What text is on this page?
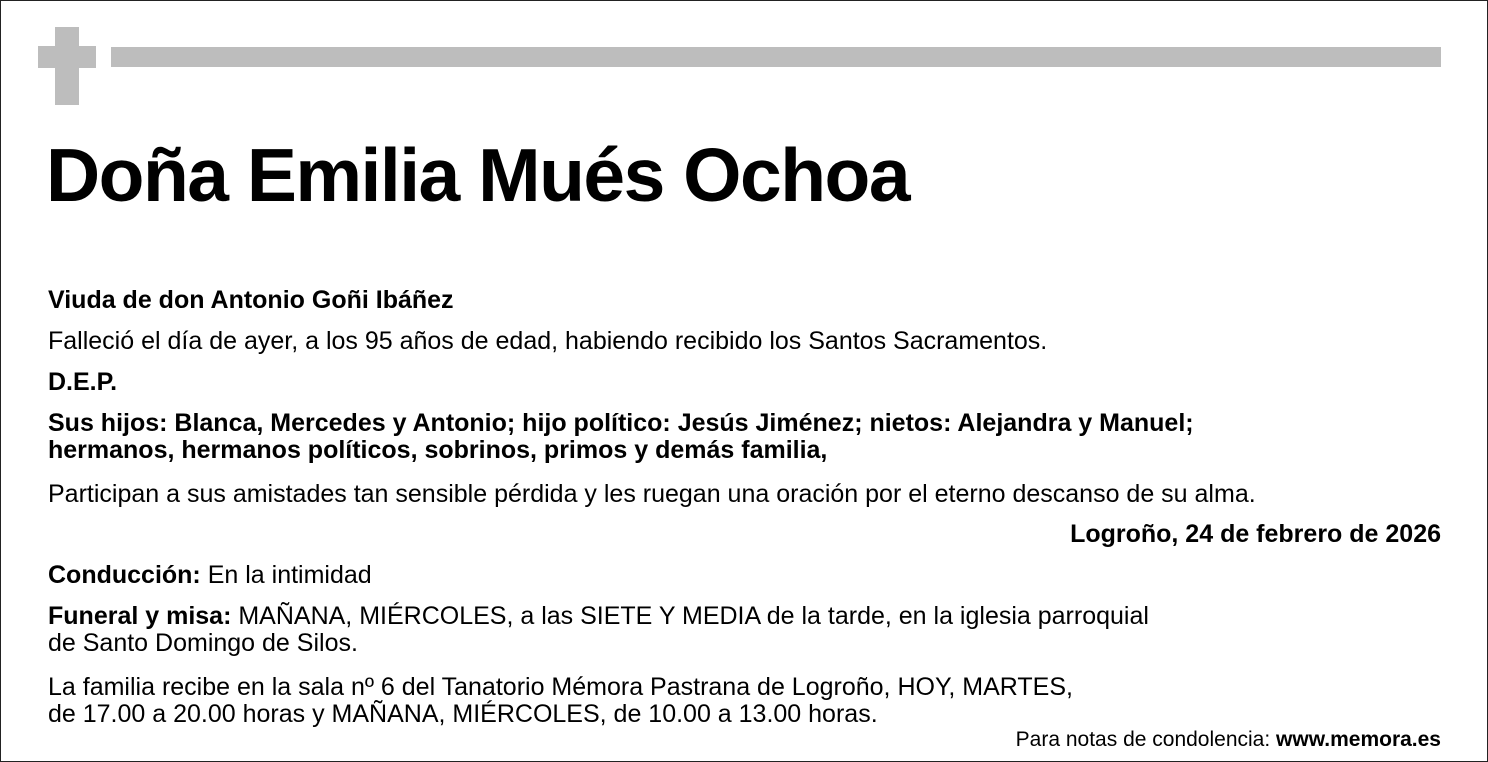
Doña Emilia Mués Ochoa
Viuda de don Antonio Goñi Ibáñez
Falleció el día de ayer, a los 95 años de edad, habiendo recibido los Santos Sacramentos.
D.E.P.
Sus hijos: Blanca, Mercedes y Antonio; hijo político: Jesús Jiménez; nietos: Alejandra y Manuel;
hermanos, hermanos políticos, sobrinos, primos y demás familia,
Participan a sus amistades tan sensible pérdida y les ruegan una oración por el eterno descanso de su alma.
Logroño, 24 de febrero de 2026
Conducción: En la intimidad
Funeral y misa: MAÑANA, MIÉRCOLES, a las SIETE Y MEDIA de la tarde, en la iglesia parroquial
de Santo Domingo de Silos.
La familia recibe en la sala nº 6 del Tanatorio Mémora Pastrana de Logroño, HOY, MARTES,
de 17.00 a 20.00 horas y MAÑANA, MIÉRCOLES, de 10.00 a 13.00 horas.
Para notas de condolencia: www.memora.es
